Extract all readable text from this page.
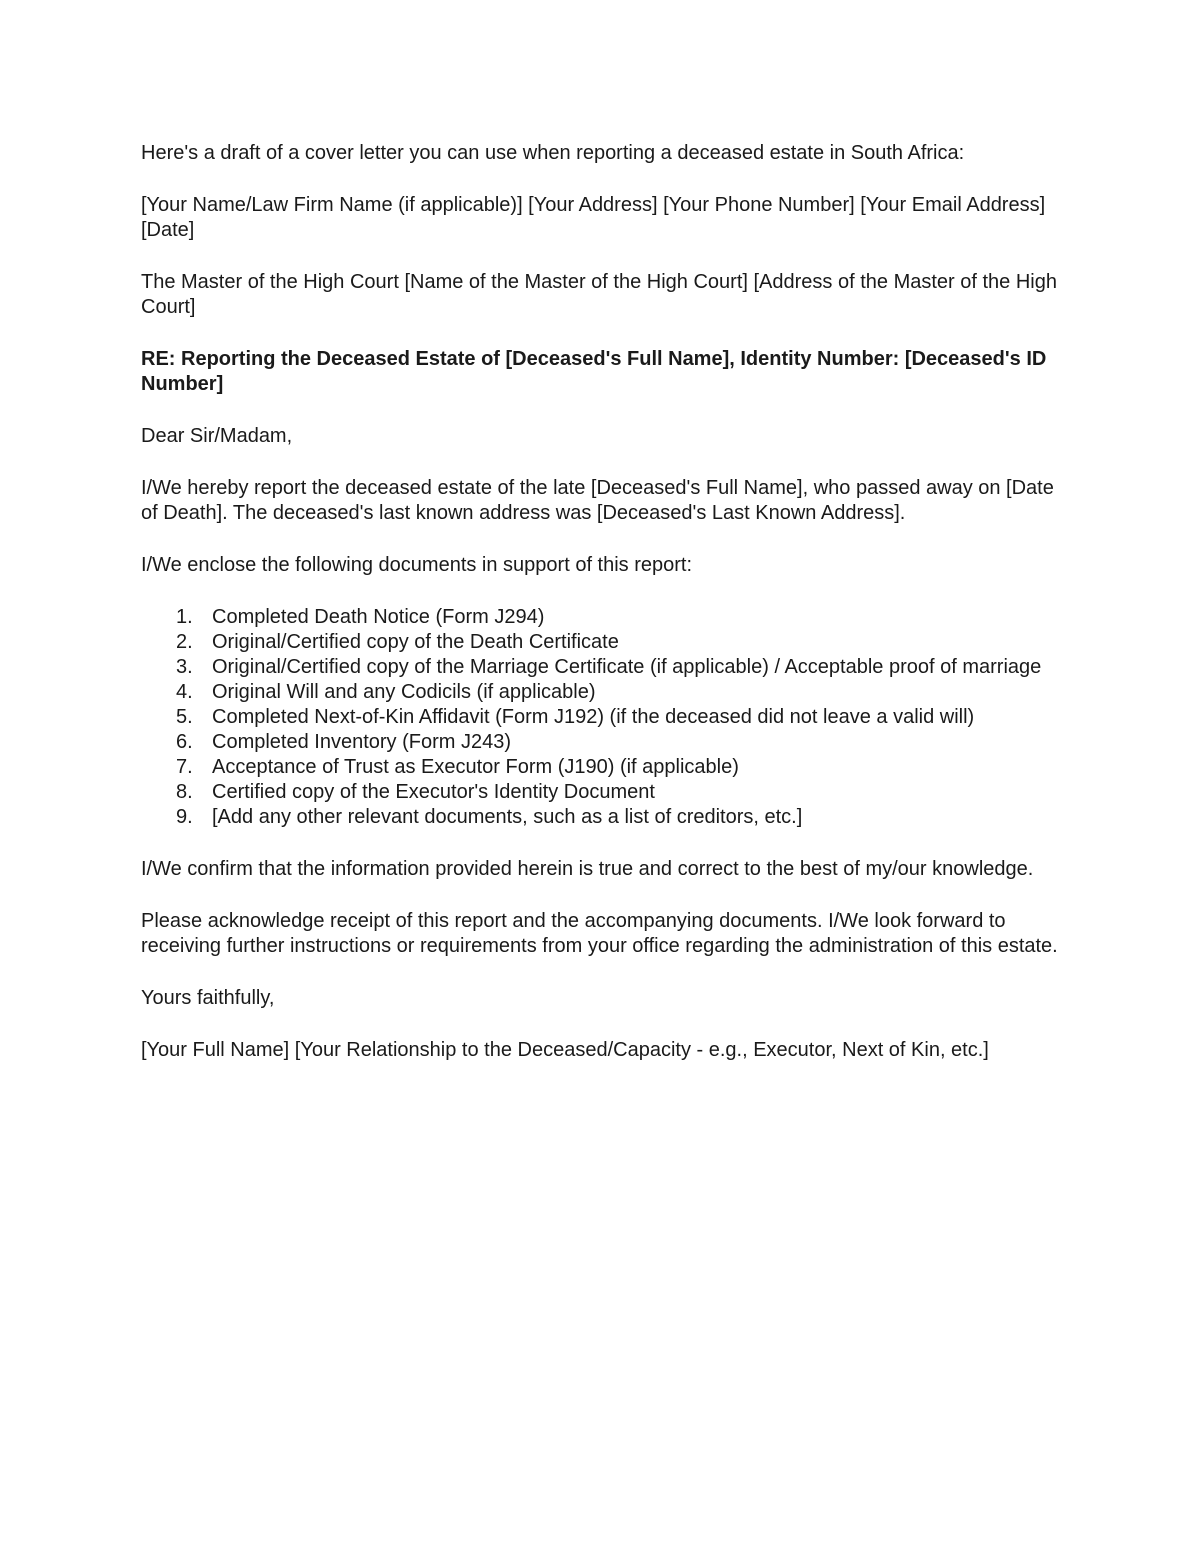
Here's a draft of a cover letter you can use when reporting a deceased estate in South Africa:

[Your Name/Law Firm Name (if applicable)] [Your Address] [Your Phone Number] [Your Email Address] [Date]

The Master of the High Court [Name of the Master of the High Court] [Address of the Master of the High Court]

RE: Reporting the Deceased Estate of [Deceased's Full Name], Identity Number: [Deceased's ID Number]

Dear Sir/Madam,

I/We hereby report the deceased estate of the late [Deceased's Full Name], who passed away on [Date of Death]. The deceased's last known address was [Deceased's Last Known Address].

I/We enclose the following documents in support of this report:

1. Completed Death Notice (Form J294)
2. Original/Certified copy of the Death Certificate
3. Original/Certified copy of the Marriage Certificate (if applicable) / Acceptable proof of marriage
4. Original Will and any Codicils (if applicable)
5. Completed Next-of-Kin Affidavit (Form J192) (if the deceased did not leave a valid will)
6. Completed Inventory (Form J243)
7. Acceptance of Trust as Executor Form (J190) (if applicable)
8. Certified copy of the Executor's Identity Document
9. [Add any other relevant documents, such as a list of creditors, etc.]

I/We confirm that the information provided herein is true and correct to the best of my/our knowledge.

Please acknowledge receipt of this report and the accompanying documents. I/We look forward to receiving further instructions or requirements from your office regarding the administration of this estate.

Yours faithfully,

[Your Full Name] [Your Relationship to the Deceased/Capacity - e.g., Executor, Next of Kin, etc.]
